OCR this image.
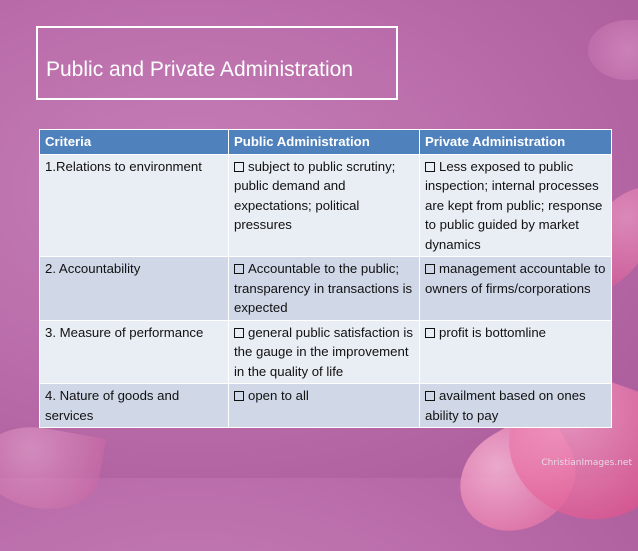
Public and Private Administration
Criteria	Public Administration	Private Administration
1.Relations to environment	subject to public scrutiny; public demand and expectations; political pressures	Less exposed to public inspection; internal processes are kept from public; response to public guided by market dynamics
2. Accountability	Accountable to the public; transparency in transactions is expected	management accountable to owners of firms/corporations
3. Measure of performance	general public satisfaction is the gauge in the improvement in the quality of life	profit is bottomline
4. Nature of goods and services	open to all	availment based on ones ability to pay
ChristianImages.net
